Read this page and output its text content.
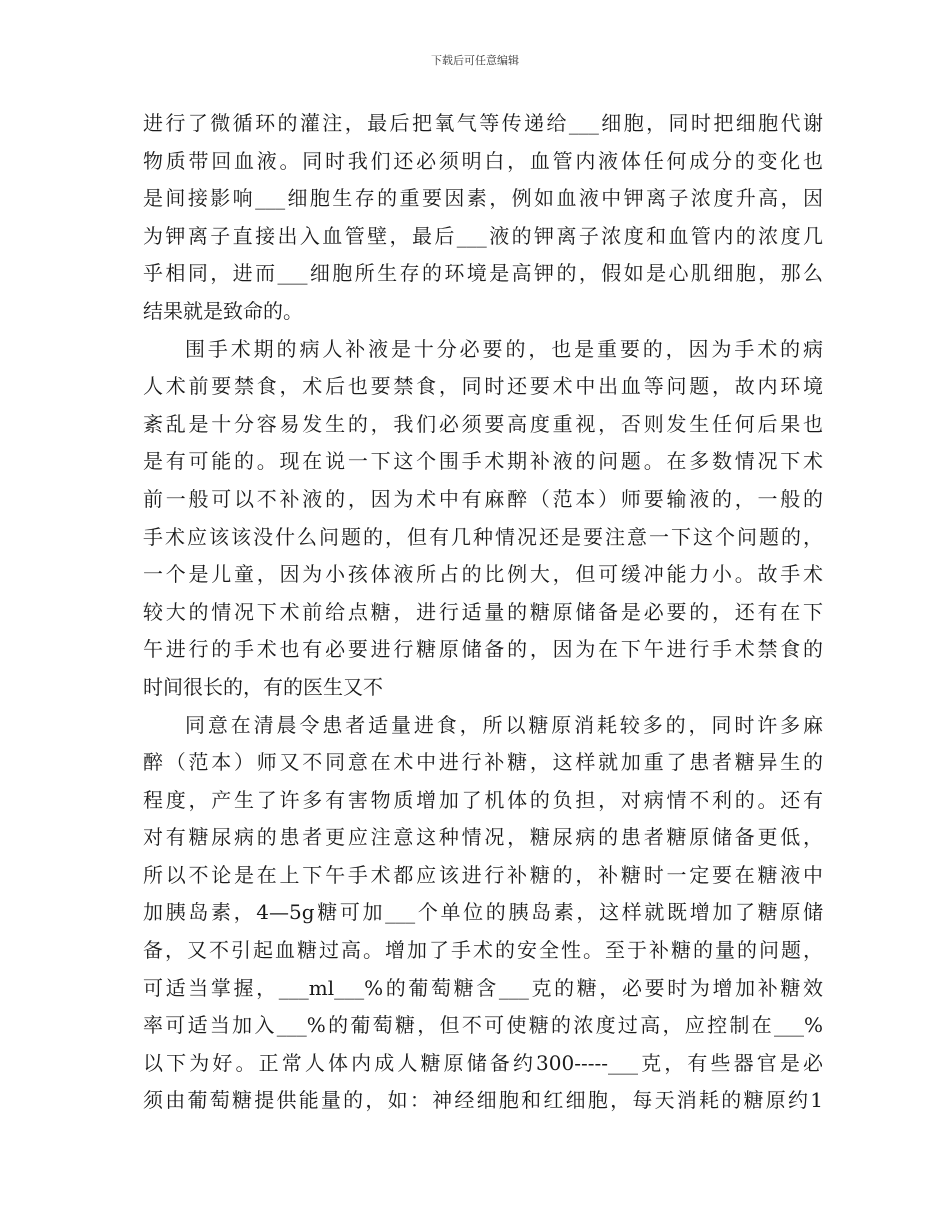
下载后可任意编辑
进行了微循环的灌注，最后把氧气等传递给___细胞，同时把细胞代谢
物质带回血液。同时我们还必须明白，血管内液体任何成分的变化也
是间接影响___细胞生存的重要因素，例如血液中钾离子浓度升高，因
为钾离子直接出入血管壁，最后___液的钾离子浓度和血管内的浓度几
乎相同，进而___细胞所生存的环境是高钾的，假如是心肌细胞，那么
结果就是致命的。
围手术期的病人补液是十分必要的，也是重要的，因为手术的病
人术前要禁食，术后也要禁食，同时还要术中出血等问题，故内环境
紊乱是十分容易发生的，我们必须要高度重视，否则发生任何后果也
是有可能的。现在说一下这个围手术期补液的问题。在多数情况下术
前一般可以不补液的，因为术中有麻醉（范本）师要输液的，一般的
手术应该该没什么问题的，但有几种情况还是要注意一下这个问题的，
一个是儿童，因为小孩体液所占的比例大，但可缓冲能力小。故手术
较大的情况下术前给点糖，进行适量的糖原储备是必要的，还有在下
午进行的手术也有必要进行糖原储备的，因为在下午进行手术禁食的
时间很长的，有的医生又不
同意在清晨令患者适量进食，所以糖原消耗较多的，同时许多麻
醉（范本）师又不同意在术中进行补糖，这样就加重了患者糖异生的
程度，产生了许多有害物质增加了机体的负担，对病情不利的。还有
对有糖尿病的患者更应注意这种情况，糖尿病的患者糖原储备更低，
所以不论是在上下午手术都应该进行补糖的，补糖时一定要在糖液中
加胰岛素，4—5g糖可加___个单位的胰岛素，这样就既增加了糖原储
备，又不引起血糖过高。增加了手术的安全性。至于补糖的量的问题，
可适当掌握，___ml___%的葡萄糖含___克的糖，必要时为增加补糖效
率可适当加入___%的葡萄糖，但不可使糖的浓度过高，应控制在___%
以下为好。正常人体内成人糖原储备约300-----___克，有些器官是必
须由葡萄糖提供能量的，如：神经细胞和红细胞，每天消耗的糖原约1
